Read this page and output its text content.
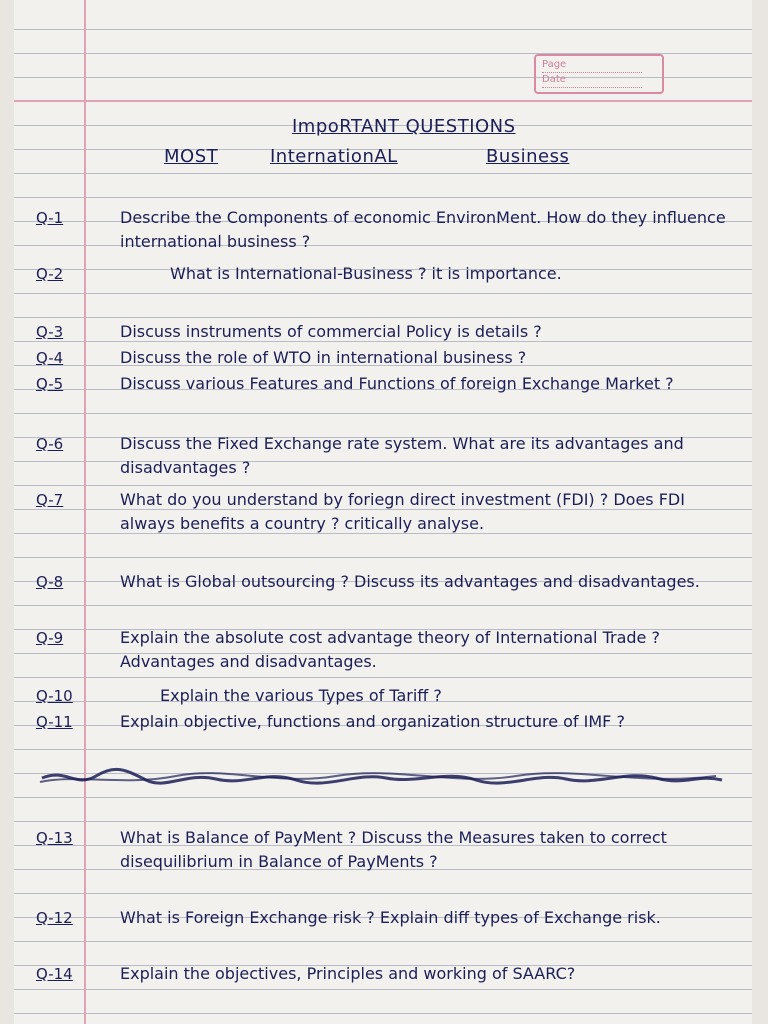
Page
Date
ImpoRTANT QUESTIONS
MOST	InternationAL	Business
Q-1	Describe the Components of economic EnvironMent. How do they influence international business ?
Q-2	What is International-Business ? it is importance.
Q-3	Discuss instruments of commercial Policy is details ?
Q-4	Discuss the role of WTO in international business ?
Q-5	Discuss various Features and Functions of foreign Exchange Market ?
Q-6	Discuss the Fixed Exchange rate system. What are its advantages and disadvantages ?
Q-7	What do you understand by foriegn direct investment (FDI) ? Does FDI always benefits a country ? critically analyse.
Q-8	What is Global outsourcing ? Discuss its advantages and disadvantages.
Q-9	Explain the absolute cost advantage theory of International Trade ? Advantages and disadvantages.
Q-10	Explain the various Types of Tariff ?
Q-11	Explain objective, functions and organization structure of IMF ?
Q-13	What is Balance of PayMent ? Discuss the Measures taken to correct disequilibrium in Balance of PayMents ?
Q-12	What is Foreign Exchange risk ? Explain diff types of Exchange risk.
Q-14	Explain the objectives, Principles and working of SAARC?
